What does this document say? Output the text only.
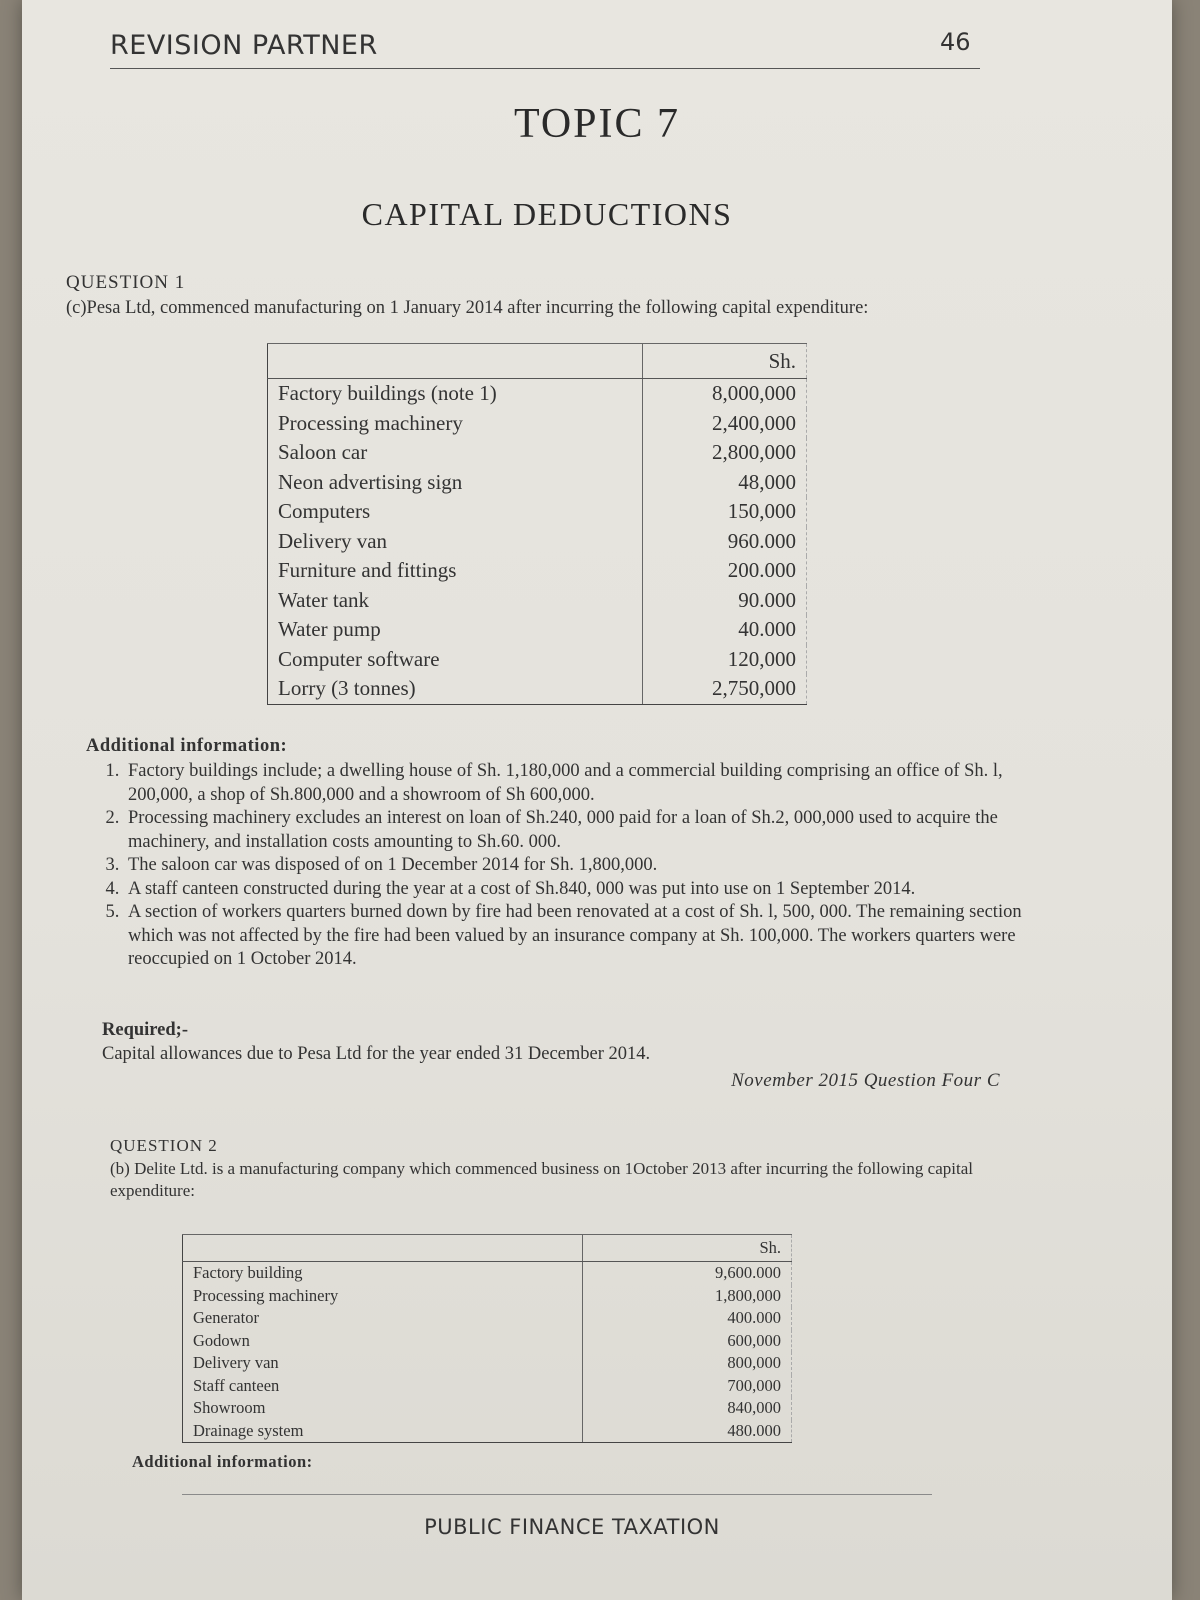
REVISION PARTNER	46
TOPIC 7
CAPITAL DEDUCTIONS
QUESTION 1
(c)Pesa Ltd, commenced manufacturing on 1 January 2014 after incurring the following capital expenditure:
	Sh.
Factory buildings (note 1)	8,000,000
Processing machinery	2,400,000
Saloon car	2,800,000
Neon advertising sign	48,000
Computers	150,000
Delivery van	960.000
Furniture and fittings	200.000
Water tank	90.000
Water pump	40.000
Computer software	120,000
Lorry (3 tonnes)	2,750,000
Additional information:
1. Factory buildings include; a dwelling house of Sh. 1,180,000 and a commercial building comprising an office of Sh. l, 200,000, a shop of Sh.800,000 and a showroom of Sh 600,000.
2. Processing machinery excludes an interest on loan of Sh.240, 000 paid for a loan of Sh.2, 000,000 used to acquire the machinery, and installation costs amounting to Sh.60. 000.
3. The saloon car was disposed of on 1 December 2014 for Sh. 1,800,000.
4. A staff canteen constructed during the year at a cost of Sh.840, 000 was put into use on 1 September 2014.
5. A section of workers quarters burned down by fire had been renovated at a cost of Sh. l, 500, 000. The remaining section which was not affected by the fire had been valued by an insurance company at Sh. 100,000. The workers quarters were reoccupied on 1 October 2014.
Required;-
Capital allowances due to Pesa Ltd for the year ended 31 December 2014.
November 2015 Question Four C
QUESTION 2
(b) Delite Ltd. is a manufacturing company which commenced business on 1October 2013 after incurring the following capital expenditure:
	Sh.
Factory building	9,600.000
Processing machinery	1,800,000
Generator	400.000
Godown	600,000
Delivery van	800,000
Staff canteen	700,000
Showroom	840,000
Drainage system	480.000
Additional information:
PUBLIC FINANCE TAXATION
